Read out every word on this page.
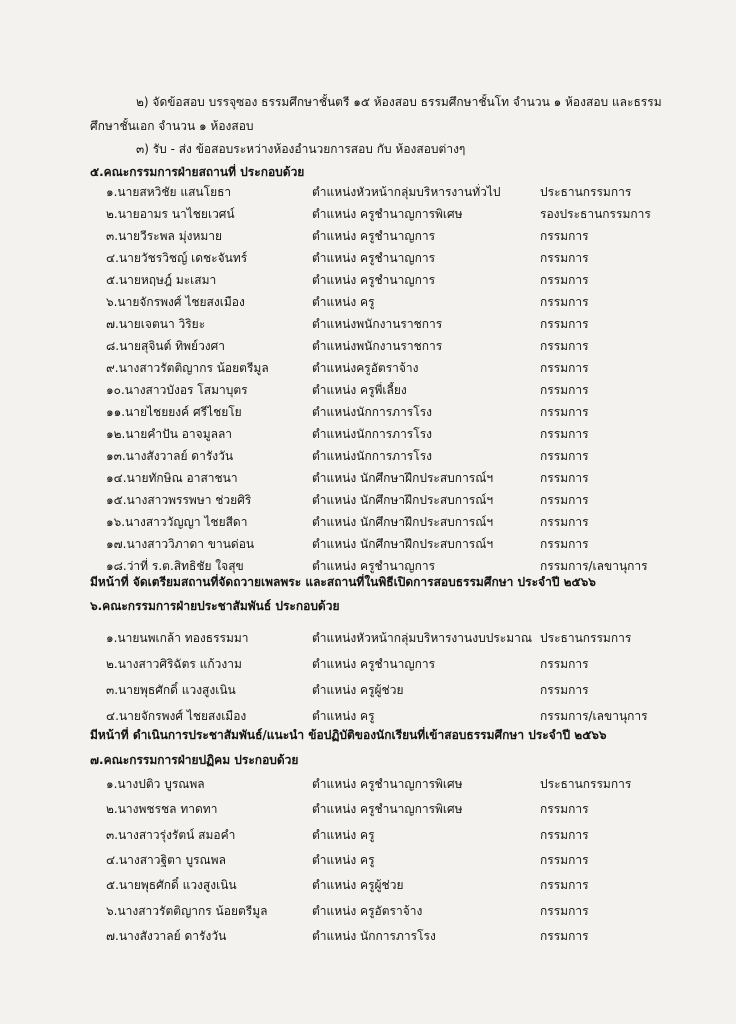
๒) จัดข้อสอบ บรรจุซอง ธรรมศึกษาชั้นตรี ๑๕ ห้องสอบ ธรรมศึกษาชั้นโท จำนวน ๑ ห้องสอบ และธรรม
ศึกษาชั้นเอก จำนวน ๑ ห้องสอบ
๓) รับ - ส่ง ข้อสอบระหว่างห้องอำนวยการสอบ กับ ห้องสอบต่างๆ
๕.คณะกรรมการฝ่ายสถานที่ ประกอบด้วย
๑.นายสหวิชัย แสนโยธา	ตำแหน่งหัวหน้ากลุ่มบริหารงานทั่วไป	ประธานกรรมการ
๒.นายอามร นาไชยเวศน์	ตำแหน่ง ครูชำนาญการพิเศษ	รองประธานกรรมการ
๓.นายวีระพล มุ่งหมาย	ตำแหน่ง ครูชำนาญการ	กรรมการ
๔.นายวัชรวิชญ์ เดชะจันทร์	ตำแหน่ง ครูชำนาญการ	กรรมการ
๕.นายหฤษฎ์ มะเสมา	ตำแหน่ง ครูชำนาญการ	กรรมการ
๖.นายจักรพงศ์ ไชยสงเมือง	ตำแหน่ง ครู	กรรมการ
๗.นายเจตนา วิริยะ	ตำแหน่งพนักงานราชการ	กรรมการ
๘.นายสุจินต์ ทิพย์วงศา	ตำแหน่งพนักงานราชการ	กรรมการ
๙.นางสาวรัตติญากร น้อยตรีมูล	ตำแหน่งครูอัตราจ้าง	กรรมการ
๑๐.นางสาวบังอร โสมาบุตร	ตำแหน่ง ครูพี่เลี้ยง	กรรมการ
๑๑.นายไชยยงค์ ศรีไชยโย	ตำแหน่งนักการภารโรง	กรรมการ
๑๒.นายคำปัน อาจมูลลา	ตำแหน่งนักการภารโรง	กรรมการ
๑๓.นางสังวาลย์ ดารังวัน	ตำแหน่งนักการภารโรง	กรรมการ
๑๔.นายทักษิณ อาสาชนา	ตำแหน่ง นักศึกษาฝึกประสบการณ์ฯ	กรรมการ
๑๕.นางสาวพรรพษา ช่วยศิริ	ตำแหน่ง นักศึกษาฝึกประสบการณ์ฯ	กรรมการ
๑๖.นางสาววัญญา ไชยสีดา	ตำแหน่ง นักศึกษาฝึกประสบการณ์ฯ	กรรมการ
๑๗.นางสาววิภาดา ขานด่อน	ตำแหน่ง นักศึกษาฝึกประสบการณ์ฯ	กรรมการ
๑๘.ว่าที่ ร.ต.สิทธิชัย ใจสุข	ตำแหน่ง ครูชำนาญการ	กรรมการ/เลขานุการ
มีหน้าที่ จัดเตรียมสถานที่จัดถวายเพลพระ และสถานที่ในพิธีเปิดการสอบธรรมศึกษา ประจำปี ๒๕๖๖
๖.คณะกรรมการฝ่ายประชาสัมพันธ์ ประกอบด้วย
๑.นายนพเกล้า ทองธรรมมา	ตำแหน่งหัวหน้ากลุ่มบริหารงานงบประมาณ ประธานกรรมการ
๒.นางสาวศิริฉัตร แก้วงาม	ตำแหน่ง ครูชำนาญการ	กรรมการ
๓.นายพุธศักดิ์ แวงสูงเนิน	ตำแหน่ง ครูผู้ช่วย	กรรมการ
๔.นายจักรพงศ์ ไชยสงเมือง	ตำแหน่ง ครู	กรรมการ/เลขานุการ
มีหน้าที่ ดำเนินการประชาสัมพันธ์/แนะนำ ข้อปฏิบัติของนักเรียนที่เข้าสอบธรรมศึกษา ประจำปี ๒๕๖๖
๗.คณะกรรมการฝ่ายปฏิคม ประกอบด้วย
๑.นางปติว บูรณพล	ตำแหน่ง ครูชำนาญการพิเศษ	ประธานกรรมการ
๒.นางพชรชล ทาดทา	ตำแหน่ง ครูชำนาญการพิเศษ	กรรมการ
๓.นางสาวรุ่งรัตน์ สมอคำ	ตำแหน่ง ครู	กรรมการ
๔.นางสาวฐิตา บูรณพล	ตำแหน่ง ครู	กรรมการ
๕.นายพุธศักดิ์ แวงสูงเนิน	ตำแหน่ง ครูผู้ช่วย	กรรมการ
๖.นางสาวรัตติญากร น้อยตรีมูล	ตำแหน่ง ครูอัตราจ้าง	กรรมการ
๗.นางสังวาลย์ ดารังวัน	ตำแหน่ง นักการภารโรง	กรรมการ
